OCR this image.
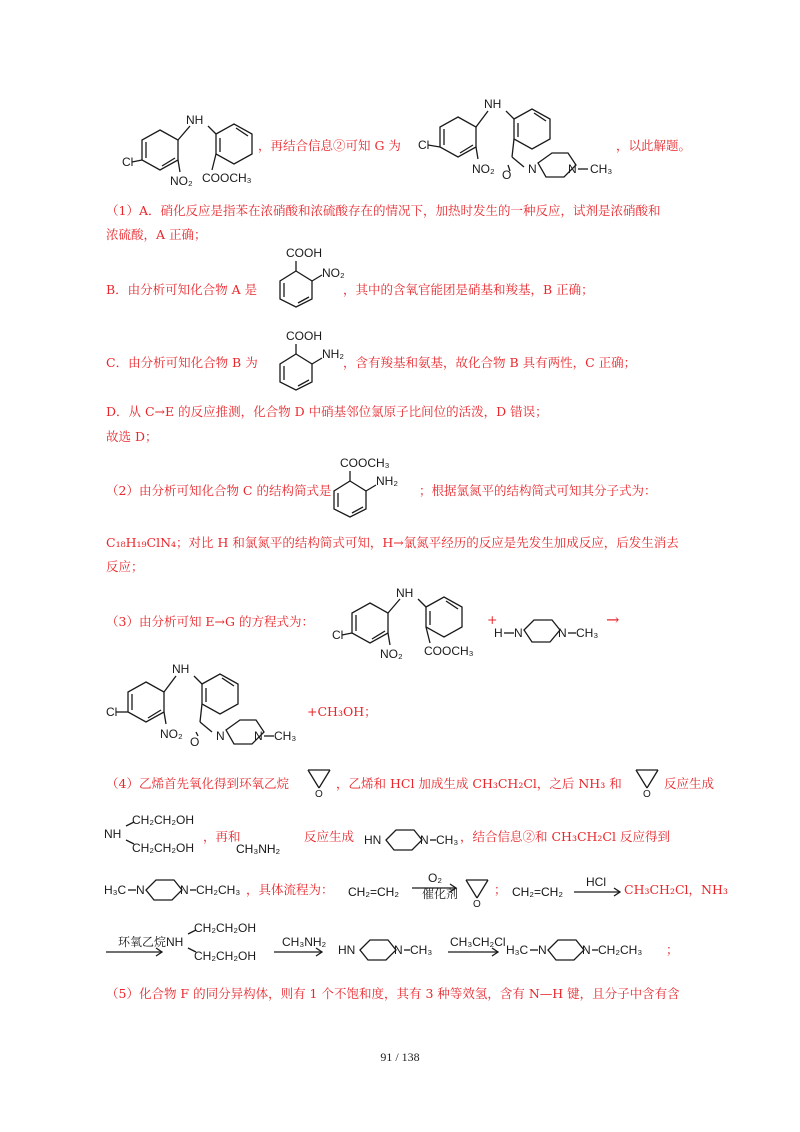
NH
Cl
NO₂ COOCH₃
，再结合信息②可知 G 为
NH
Cl
NO₂ O N	N CH₃
，以此解题。
（1）A．硝化反应是指苯在浓硝酸和浓硫酸存在的情况下，加热时发生的一种反应，试剂是浓硝酸和
浓硫酸，A 正确；
B．由分析可知化合物 A 是
COOH
NO₂
，其中的含氧官能团是硝基和羧基，B 正确；
C．由分析可知化合物 B 为
COOH
NH₂
，含有羧基和氨基，故化合物 B 具有两性，C 正确；
D．从 C→E 的反应推测，化合物 D 中硝基邻位氯原子比间位的活泼，D 错误；
故选 D；
（2）由分析可知化合物 C 的结构简式是
COOCH₃
NH₂
；根据氯氮平的结构简式可知其分子式为：
C₁₈H₁₉ClN₄；对比 H 和氯氮平的结构简式可知，H→氯氮平经历的反应是先发生加成反应，后发生消去
反应；
（3）由分析可知 E→G 的方程式为：
NH
Cl
NO₂ COOCH₃
+
H N	N CH₃
→
NH
Cl
NO₂
O N N CH₃
+CH₃OH；
（4）乙烯首先氧化得到环氧乙烷
O
，乙烯和 HCl 加成生成 CH₃CH₂Cl，之后 NH₃ 和
O
反应生成
CH₂CH₂OH
NH
CH₂CH₂OH
，再和
CH₃NH₂
反应生成 HN	N CH₃ ，结合信息②和 CH₃CH₂Cl 反应得到
H₃C N	N CH₂CH₃ ，具体流程为： CH₂=CH₂
O₂
催化剂
O
； CH₂=CH₂
HCl CH₃CH₂Cl，NH₃
环氧乙烷
CH₂CH₂OH
NH
CH₂CH₂OH
CH₃NH₂
HN	N CH₃
CH₃CH₂Cl
H₃C N	N CH₂CH₃ ；
（5）化合物 F 的同分异构体，则有 1 个不饱和度，其有 3 种等效氢，含有 N—H 键，且分子中含有含
91 / 138
